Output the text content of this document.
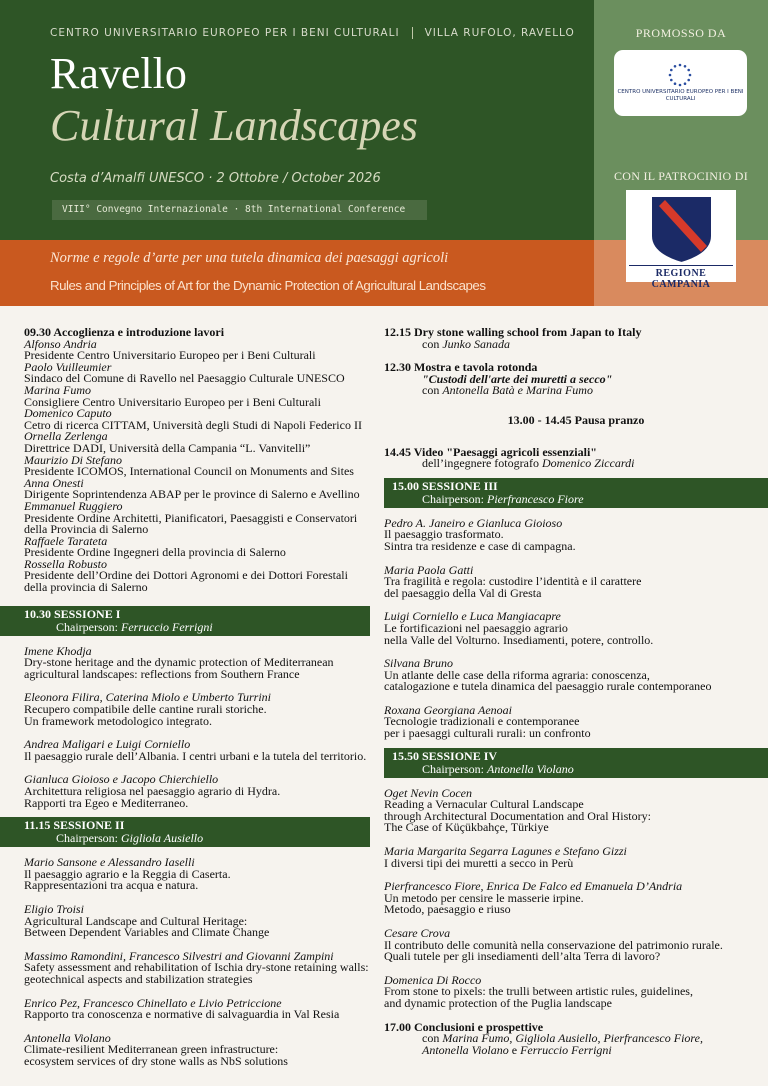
CENTRO UNIVERSITARIO EUROPEO PER I BENI CULTURALI VILLA RUFOLO, RAVELLO
Ravello
Cultural Landscapes
Costa d’Amalfi UNESCO · 2 Ottobre / October 2026
VIII° Convegno Internazionale · 8th International Conference
Norme e regole d’arte per una tutela dinamica dei paesaggi agricoli
Rules and Principles of Art for the Dynamic Protection of Agricultural Landscapes
PROMOSSO DA
CENTRO UNIVERSITARIO EUROPEO PER I BENI CULTURALI
CON IL PATROCINIO DI
REGIONE CAMPANIA
09.30 Accoglienza e introduzione lavori
Alfonso Andria
Presidente Centro Universitario Europeo per i Beni Culturali
Paolo Vuilleumier
Sindaco del Comune di Ravello nel Paesaggio Culturale UNESCO
Marina Fumo
Consigliere Centro Universitario Europeo per i Beni Culturali
Domenico Caputo
Cetro di ricerca CITTAM, Università degli Studi di Napoli Federico II
Ornella Zerlenga
Direttrice DADI, Università della Campania “L. Vanvitelli”
Maurizio Di Stefano
Presidente ICOMOS, International Council on Monuments and Sites
Anna Onesti
Dirigente Soprintendenza ABAP per le province di Salerno e Avellino
Emmanuel Ruggiero
Presidente Ordine Architetti, Pianificatori, Paesaggisti e Conservatori della Provincia di Salerno
Raffaele Tarateta
Presidente Ordine Ingegneri della provincia di Salerno
Rossella Robusto
Presidente dell’Ordine dei Dottori Agronomi e dei Dottori Forestali della provincia di Salerno
10.30 SESSIONE I
Chairperson: Ferruccio Ferrigni
Imene Khodja
Dry-stone heritage and the dynamic protection of Mediterranean
agricultural landscapes: reflections from Southern France
Eleonora Filira, Caterina Miolo e Umberto Turrini
Recupero compatibile delle cantine rurali storiche.
Un framework metodologico integrato.
Andrea Maligari e Luigi Corniello
Il paesaggio rurale dell’Albania. I centri urbani e la tutela del territorio.
Gianluca Gioioso e Jacopo Chierchiello
Architettura religiosa nel paesaggio agrario di Hydra.
Rapporti tra Egeo e Mediterraneo.
11.15 SESSIONE II
Chairperson: Gigliola Ausiello
Mario Sansone e Alessandro Iaselli
Il paesaggio agrario e la Reggia di Caserta.
Rappresentazioni tra acqua e natura.
Eligio Troisi
Agricultural Landscape and Cultural Heritage:
Between Dependent Variables and Climate Change
Massimo Ramondini, Francesco Silvestri and Giovanni Zampini
Safety assessment and rehabilitation of Ischia dry-stone retaining walls:
geotechnical aspects and stabilization strategies
Enrico Pez, Francesco Chinellato e Livio Petriccione
Rapporto tra conoscenza e normative di salvaguardia in Val Resia
Antonella Violano
Climate-resilient Mediterranean green infrastructure:
ecosystem services of dry stone walls as NbS solutions
12.15 Dry stone walling school from Japan to Italy
con Junko Sanada
12.30 Mostra e tavola rotonda
"Custodi dell'arte dei muretti a secco"
con Antonella Batà e Marina Fumo
13.00 - 14.45 Pausa pranzo
14.45 Video "Paesaggi agricoli essenziali"
dell’ingegnere fotografo Domenico Ziccardi
15.00 SESSIONE III
Chairperson: Pierfrancesco Fiore
Pedro A. Janeiro e Gianluca Gioioso
Il paesaggio trasformato.
Sintra tra residenze e case di campagna.
Maria Paola Gatti
Tra fragilità e regola: custodire l’identità e il carattere
del paesaggio della Val di Gresta
Luigi Corniello e Luca Mangiacapre
Le fortificazioni nel paesaggio agrario
nella Valle del Volturno. Insediamenti, potere, controllo.
Silvana Bruno
Un atlante delle case della riforma agraria: conoscenza,
catalogazione e tutela dinamica del paesaggio rurale contemporaneo
Roxana Georgiana Aenoai
Tecnologie tradizionali e contemporanee
per i paesaggi culturali rurali: un confronto
15.50 SESSIONE IV
Chairperson: Antonella Violano
Oget Nevin Cocen
Reading a Vernacular Cultural Landscape
through Architectural Documentation and Oral History:
The Case of Küçükbahçe, Türkiye
Maria Margarita Segarra Lagunes e Stefano Gizzi
I diversi tipi dei muretti a secco in Perù
Pierfrancesco Fiore, Enrica De Falco ed Emanuela D’Andria
Un metodo per censire le masserie irpine.
Metodo, paesaggio e riuso
Cesare Crova
Il contributo delle comunità nella conservazione del patrimonio rurale.
Quali tutele per gli insediamenti dell’alta Terra di lavoro?
Domenica Di Rocco
From stone to pixels: the trulli between artistic rules, guidelines,
and dynamic protection of the Puglia landscape
17.00 Conclusioni e prospettive
con Marina Fumo, Gigliola Ausiello, Pierfrancesco Fiore,
Antonella Violano e Ferruccio Ferrigni
